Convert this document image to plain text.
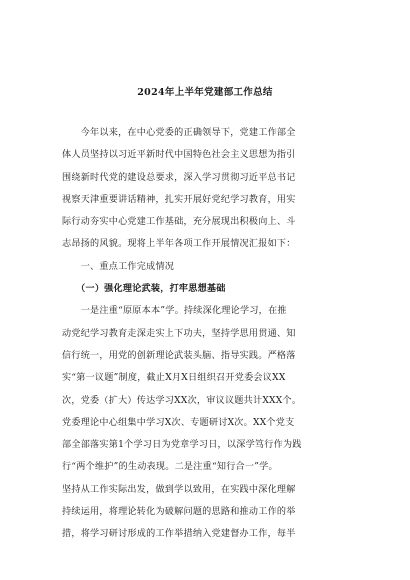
2024年上半年党建部工作总结
　　今年以来，在中心党委的正确领导下，党建工作部全
体人员坚持以习近平新时代中国特色社会主义思想为指引
围绕新时代党的建设总要求，深入学习贯彻习近平总书记
视察天津重要讲话精神，扎实开展好党纪学习教育，用实
际行动夯实中心党建工作基础，充分展现出积极向上、斗
志昂扬的风貌。现将上半年各项工作开展情况汇报如下：
　　一、重点工作完成情况
　　（一）强化理论武装，打牢思想基础
　　一是注重“原原本本”学。持续深化理论学习，在推
动党纪学习教育走深走实上下功夫，坚持学思用贯通、知
信行统一，用党的创新理论武装头脑、指导实践。严格落
实“第一议题”制度，截止X月X日组织召开党委会议XX
次，党委（扩大）传达学习XX次，审议议题共计XXX个。
党委理论中心组集中学习X次、专题研讨X次。XX个党支
部全部落实第1个学习日为党章学习日，以深学笃行作为践
行“两个维护”的生动表现。二是注重“知行合一”学。
坚持从工作实际出发，做到学以致用，在实践中深化理解
持续运用，将理论转化为破解问题的思路和推动工作的举
措，将学习研讨形成的工作举措纳入党建督办工作，每半
